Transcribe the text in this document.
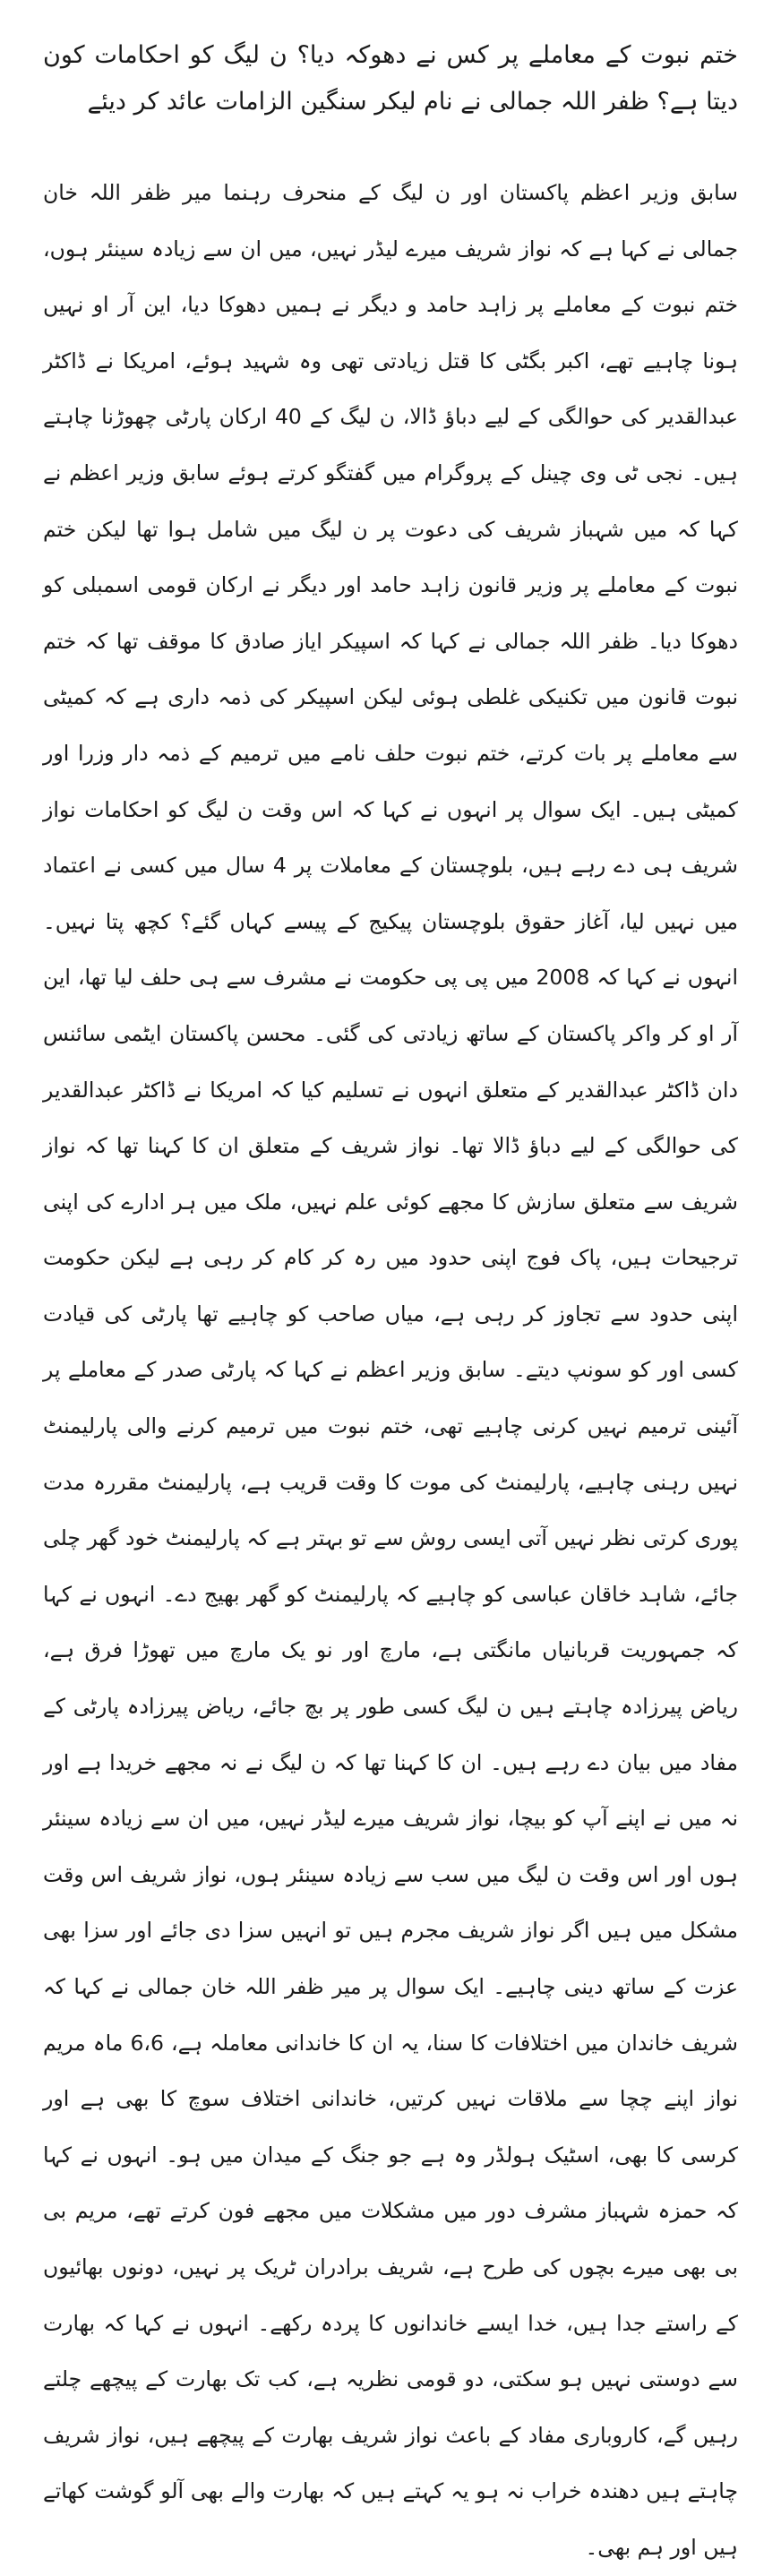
ختم نبوت کے معاملے پر کس نے دھوکہ دیا؟ ن لیگ کو احکامات کون دیتا ہے؟ ظفر اللہ جمالی نے نام لیکر سنگین الزامات عائد کر دیئے

سابق وزیر اعظم پاکستان اور ن لیگ کے منحرف رہنما میر ظفر اللہ خان جمالی نے کہا ہے کہ نواز شریف میرے لیڈر نہیں، میں ان سے زیادہ سینئر ہوں، ختم نبوت کے معاملے پر زاہد حامد و دیگر نے ہمیں دھوکا دیا، این آر او نہیں ہونا چاہیے تھے، اکبر بگٹی کا قتل زیادتی تھی وہ شہید ہوئے، امریکا نے ڈاکٹر عبدالقدیر کی حوالگی کے لیے دباؤ ڈالا، ن لیگ کے 40 ارکان پارٹی چھوڑنا چاہتے ہیں۔ نجی ٹی وی چینل کے پروگرام میں گفتگو کرتے ہوئے سابق وزیر اعظم نے کہا کہ میں شہباز شریف کی دعوت پر ن لیگ میں شامل ہوا تھا لیکن ختم نبوت کے معاملے پر وزیر قانون زاہد حامد اور دیگر نے ارکان قومی اسمبلی کو دھوکا دیا۔ ظفر اللہ جمالی نے کہا کہ اسپیکر ایاز صادق کا موقف تھا کہ ختم نبوت قانون میں تکنیکی غلطی ہوئی لیکن اسپیکر کی ذمہ داری ہے کہ کمیٹی سے معاملے پر بات کرتے، ختم نبوت حلف نامے میں ترمیم کے ذمہ دار وزرا اور کمیٹی ہیں۔ ایک سوال پر انہوں نے کہا کہ اس وقت ن لیگ کو احکامات نواز شریف ہی دے رہے ہیں، بلوچستان کے معاملات پر 4 سال میں کسی نے اعتماد میں نہیں لیا، آغاز حقوق بلوچستان پیکیج کے پیسے کہاں گئے؟ کچھ پتا نہیں۔ انہوں نے کہا کہ 2008 میں پی پی حکومت نے مشرف سے ہی حلف لیا تھا، این آر او کر واکر پاکستان کے ساتھ زیادتی کی گئی۔ محسن پاکستان ایٹمی سائنس دان ڈاکٹر عبدالقدیر کے متعلق انہوں نے تسلیم کیا کہ امریکا نے ڈاکٹر عبدالقدیر کی حوالگی کے لیے دباؤ ڈالا تھا۔ نواز شریف کے متعلق ان کا کہنا تھا کہ نواز شریف سے متعلق سازش کا مجھے کوئی علم نہیں، ملک میں ہر ادارے کی اپنی ترجیحات ہیں، پاک فوج اپنی حدود میں رہ کر کام کر رہی ہے لیکن حکومت اپنی حدود سے تجاوز کر رہی ہے، میاں صاحب کو چاہیے تھا پارٹی کی قیادت کسی اور کو سونپ دیتے۔ سابق وزیر اعظم نے کہا کہ پارٹی صدر کے معاملے پر آئینی ترمیم نہیں کرنی چاہیے تھی، ختم نبوت میں ترمیم کرنے والی پارلیمنٹ نہیں رہنی چاہیے، پارلیمنٹ کی موت کا وقت قریب ہے، پارلیمنٹ مقررہ مدت پوری کرتی نظر نہیں آتی ایسی روش سے تو بہتر ہے کہ پارلیمنٹ خود گھر چلی جائے، شاہد خاقان عباسی کو چاہیے کہ پارلیمنٹ کو گھر بھیج دے۔ انہوں نے کہا کہ جمہوریت قربانیاں مانگتی ہے، مارچ اور نو یک مارچ میں تھوڑا فرق ہے، ریاض پیرزادہ چاہتے ہیں ن لیگ کسی طور پر بچ جائے، ریاض پیرزادہ پارٹی کے مفاد میں بیان دے رہے ہیں۔ ان کا کہنا تھا کہ ن لیگ نے نہ مجھے خریدا ہے اور نہ میں نے اپنے آپ کو بیچا، نواز شریف میرے لیڈر نہیں، میں ان سے زیادہ سینئر ہوں اور اس وقت ن لیگ میں سب سے زیادہ سینئر ہوں، نواز شریف اس وقت مشکل میں ہیں اگر نواز شریف مجرم ہیں تو انہیں سزا دی جائے اور سزا بھی عزت کے ساتھ دینی چاہیے۔ ایک سوال پر میر ظفر اللہ خان جمالی نے کہا کہ شریف خاندان میں اختلافات کا سنا، یہ ان کا خاندانی معاملہ ہے، 6،6 ماہ مریم نواز اپنے چچا سے ملاقات نہیں کرتیں، خاندانی اختلاف سوچ کا بھی ہے اور کرسی کا بھی، اسٹیک ہولڈر وہ ہے جو جنگ کے میدان میں ہو۔ انہوں نے کہا کہ حمزہ شہباز مشرف دور میں مشکلات میں مجھے فون کرتے تھے، مریم بی بی بھی میرے بچوں کی طرح ہے، شریف برادران ٹریک پر نہیں، دونوں بھائیوں کے راستے جدا ہیں، خدا ایسے خاندانوں کا پردہ رکھے۔ انہوں نے کہا کہ بھارت سے دوستی نہیں ہو سکتی، دو قومی نظریہ ہے، کب تک بھارت کے پیچھے چلتے رہیں گے، کاروباری مفاد کے باعث نواز شریف بھارت کے پیچھے ہیں، نواز شریف چاہتے ہیں دھندہ خراب نہ ہو یہ کہتے ہیں کہ بھارت والے بھی آلو گوشت کھاتے ہیں اور ہم بھی۔
